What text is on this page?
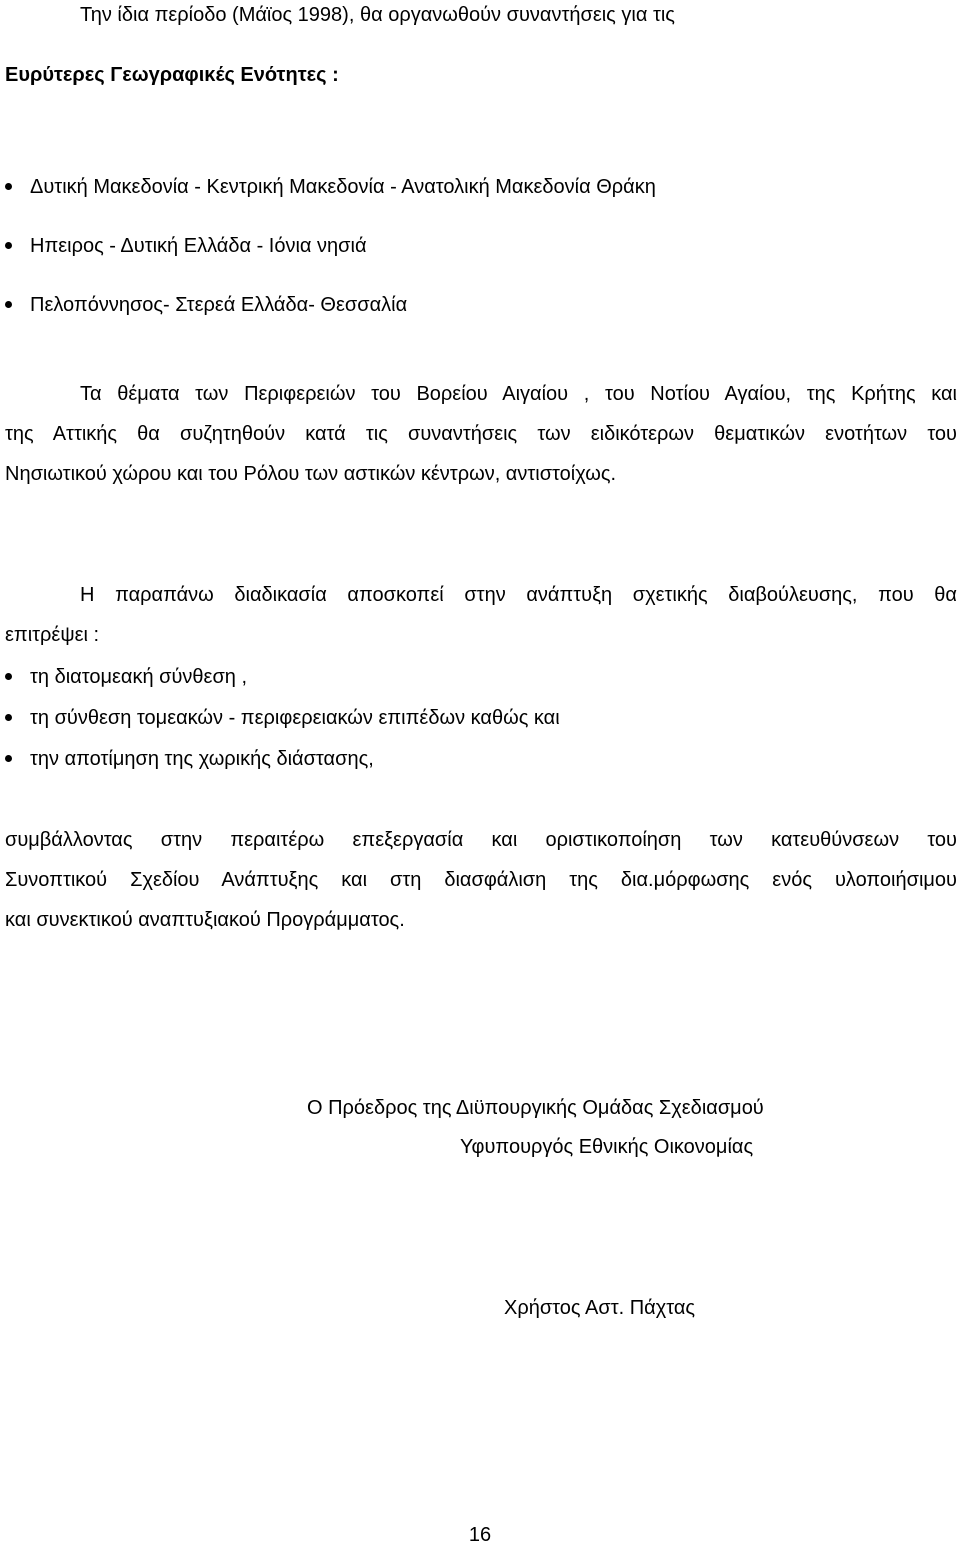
Την ίδια περίοδο (Μάϊος 1998), θα οργανωθούν συναντήσεις για τις
Ευρύτερες Γεωγραφικές Ενότητες :
Δυτική Μακεδονία - Κεντρική Μακεδονία - Ανατολική Μακεδονία Θράκη
Ηπειρος - Δυτική Ελλάδα - Ιόνια νησιά
Πελοπόννησος- Στερεά Ελλάδα- Θεσσαλία
Τα θέματα των Περιφερειών του Βορείου Αιγαίου , του Νοτίου Αγαίου, της Κρήτης και
της Αττικής θα συζητηθούν κατά τις συναντήσεις των ειδικότερων θεματικών ενοτήτων του
Νησιωτικού χώρου και του Ρόλου των αστικών κέντρων, αντιστοίχως.
Η παραπάνω διαδικασία αποσκοπεί στην ανάπτυξη σχετικής διαβούλευσης, που θα
επιτρέψει :
τη διατομεακή σύνθεση ,
τη σύνθεση τομεακών - περιφερειακών επιπέδων καθώς και
την αποτίμηση της χωρικής διάστασης,
συμβάλλοντας στην περαιτέρω επεξεργασία και οριστικοποίηση των κατευθύνσεων του
Συνοπτικού Σχεδίου Ανάπτυξης και στη διασφάλιση της δια.μόρφωσης ενός υλοποιήσιμου
και συνεκτικού αναπτυξιακού Προγράμματος.
Ο Πρόεδρος της Διϋπουργικής Ομάδας Σχεδιασμού
Υφυπουργός Εθνικής Οικονομίας
Χρήστος Αστ. Πάχτας
16
